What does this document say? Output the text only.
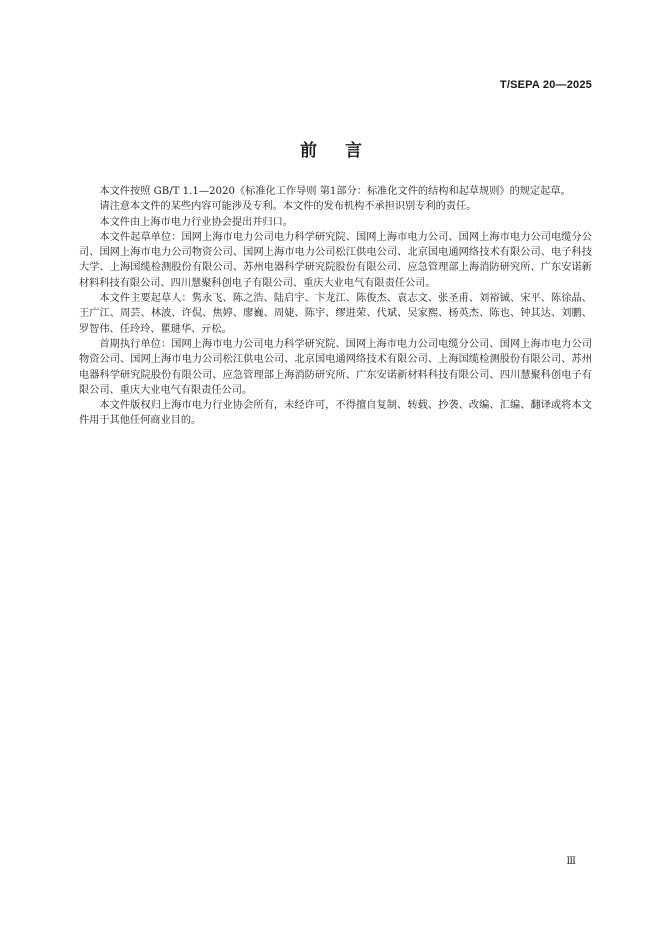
T/SEPA 20—2025
前言

本文件按照 GB/T 1.1—2020《标准化工作导则 第1部分：标准化文件的结构和起草规则》的规定起草。

请注意本文件的某些内容可能涉及专利。本文件的发布机构不承担识别专利的责任。

本文件由上海市电力行业协会提出并归口。

本文件起草单位：国网上海市电力公司电力科学研究院、国网上海市电力公司、国网上海市电力公司电缆分公司、国网上海市电力公司物资公司、国网上海市电力公司松江供电公司、北京国电通网络技术有限公司、电子科技大学、上海国缆检测股份有限公司、苏州电器科学研究院股份有限公司、应急管理部上海消防研究所、广东安诺新材料科技有限公司、四川慧聚科创电子有限公司、重庆大业电气有限责任公司。

本文件主要起草人：隽永飞、陈之浩、陆启宇、卞龙江、陈俊杰、袁志文、张圣甫、刘裕铖、宋平、陈徐晶、王广江、周芸、林波、许侃、焦婷、廖巍、周婕、陈宇、缪进荣、代斌、吴家熙、杨英杰、陈也、钟其达、刘鹏、罗智伟、任玲玲、瞿琎华、亓松。

首期执行单位：国网上海市电力公司电力科学研究院、国网上海市电力公司电缆分公司、国网上海市电力公司物资公司、国网上海市电力公司松江供电公司、北京国电通网络技术有限公司、上海国缆检测股份有限公司、苏州电器科学研究院股份有限公司、应急管理部上海消防研究所、广东安诺新材料科技有限公司、四川慧聚科创电子有限公司、重庆大业电气有限责任公司。

本文件版权归上海市电力行业协会所有，未经许可，不得擅自复制、转载、抄袭、改编、汇编、翻译或将本文件用于其他任何商业目的。

Ⅲ
